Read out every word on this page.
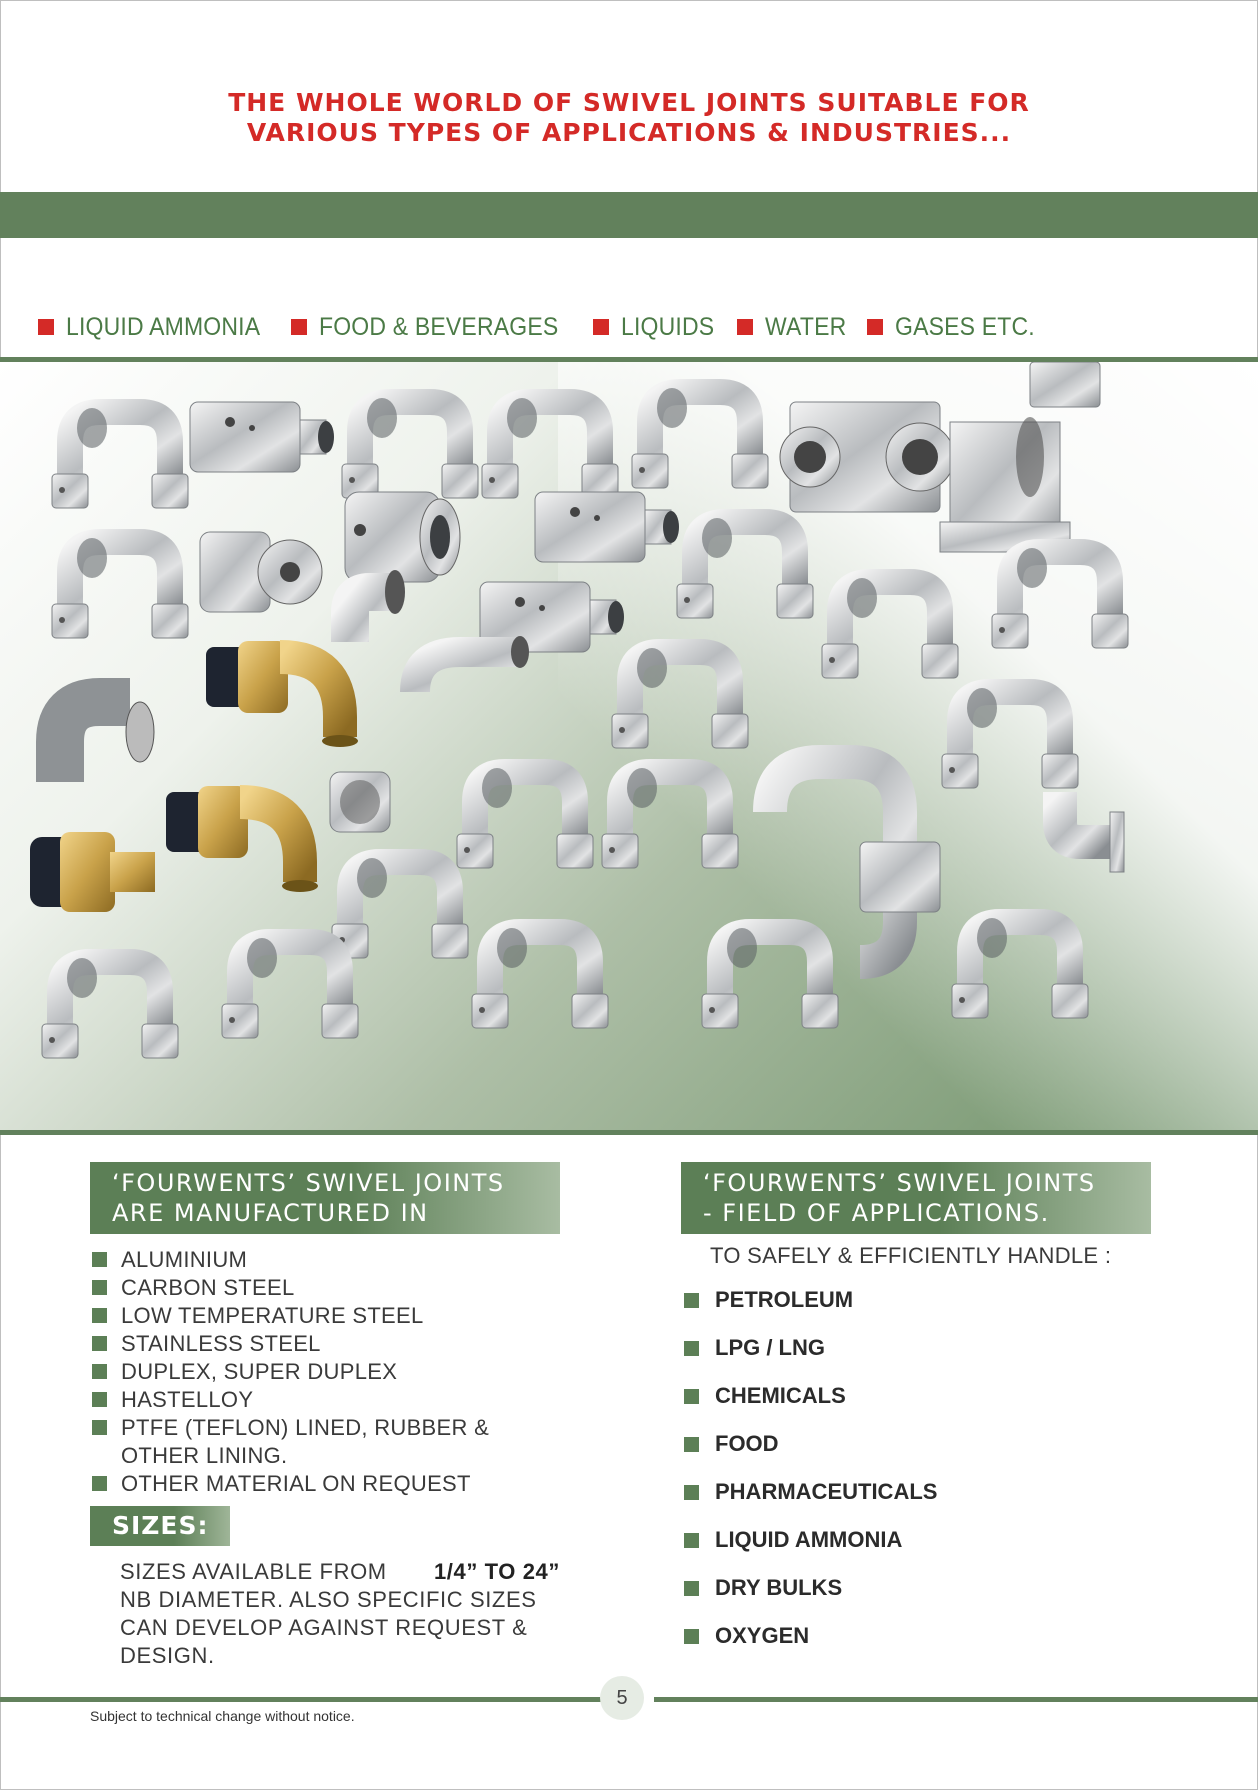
THE WHOLE WORLD OF SWIVEL JOINTS SUITABLE FOR
VARIOUS TYPES OF APPLICATIONS & INDUSTRIES...
LIQUID AMMONIA FOOD & BEVERAGES	LIQUIDS WATER GASES ETC.
‘FOURWENTS’ SWIVEL JOINTS
ARE MANUFACTURED IN
ALUMINIUM
CARBON STEEL
LOW TEMPERATURE STEEL
STAINLESS STEEL
DUPLEX, SUPER DUPLEX
HASTELLOY
PTFE (TEFLON) LINED, RUBBER &
OTHER LINING.
OTHER MATERIAL ON REQUEST
SIZES:
SIZES AVAILABLE FROM 1/4” TO 24”
NB DIAMETER. ALSO SPECIFIC SIZES
CAN DEVELOP AGAINST REQUEST &
DESIGN.
‘FOURWENTS’ SWIVEL JOINTS
- FIELD OF APPLICATIONS.
TO SAFELY & EFFICIENTLY HANDLE :
PETROLEUM
LPG / LNG
CHEMICALS
FOOD
PHARMACEUTICALS
LIQUID AMMONIA
DRY BULKS
OXYGEN
5
Subject to technical change without notice.
